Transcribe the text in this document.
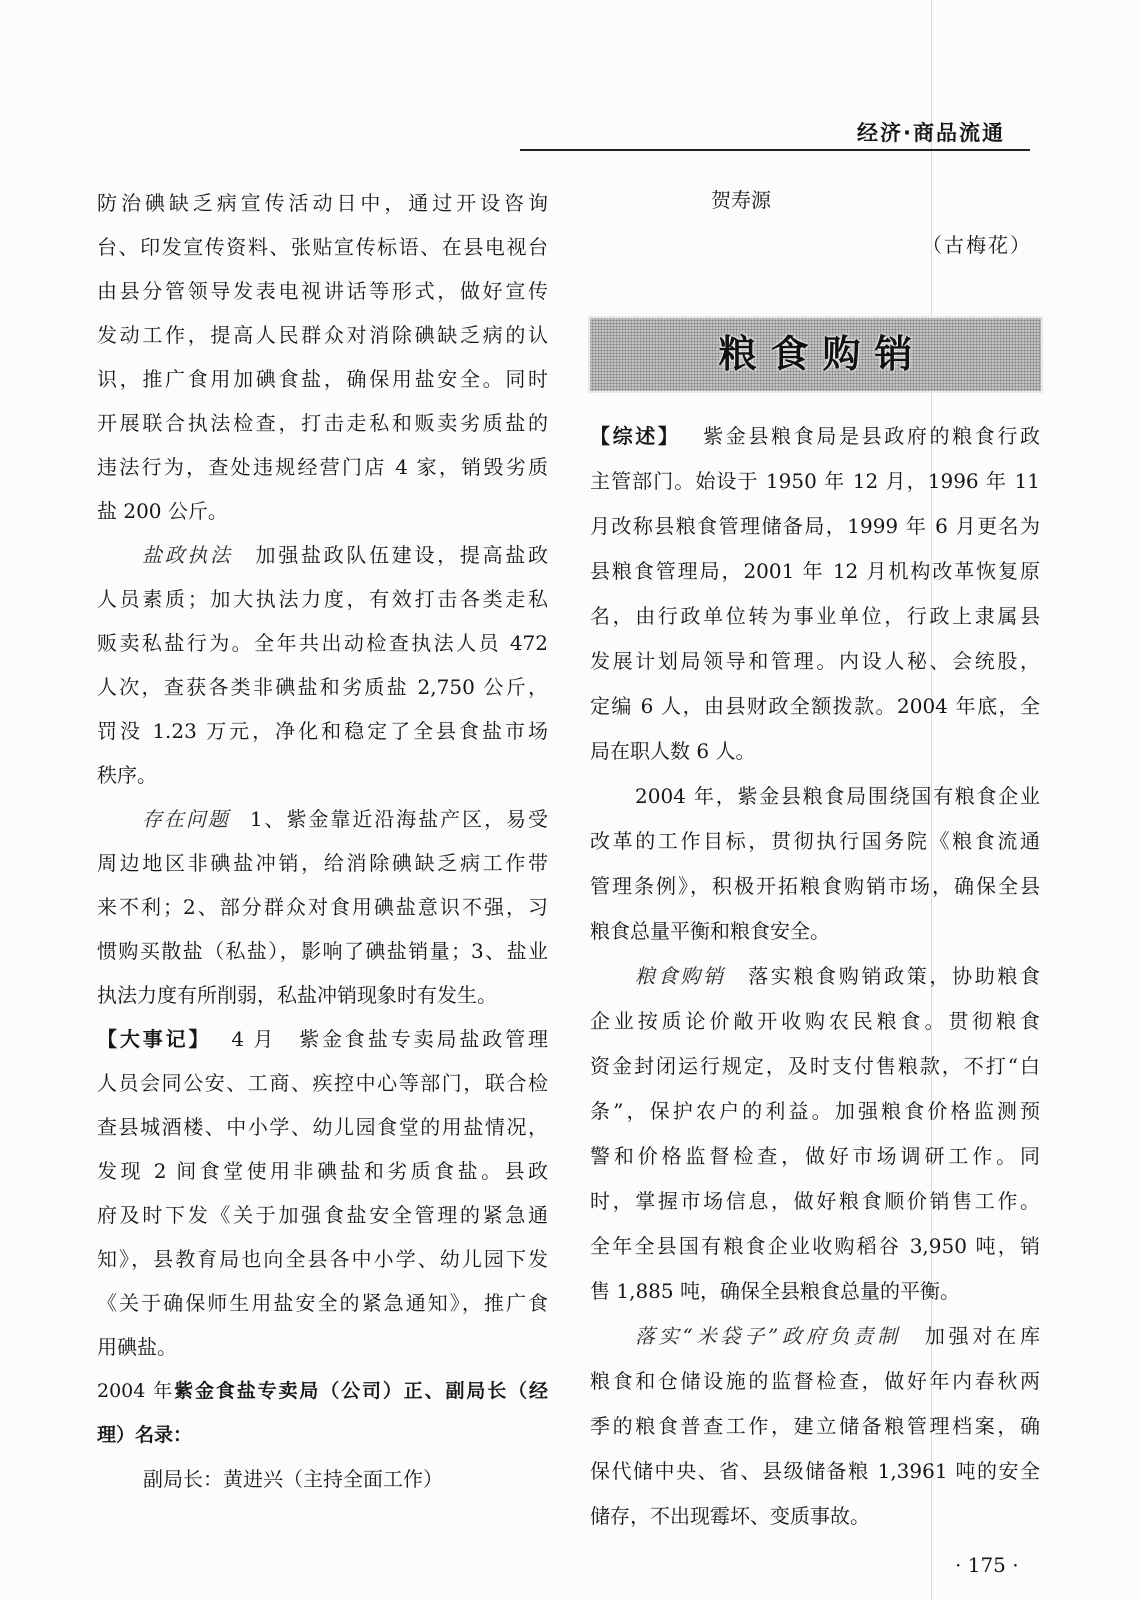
经济·商品流通
防治碘缺乏病宣传活动日中，通过开设咨询
台、印发宣传资料、张贴宣传标语、在县电视台
由县分管领导发表电视讲话等形式，做好宣传
发动工作，提高人民群众对消除碘缺乏病的认
识，推广食用加碘食盐，确保用盐安全。同时
开展联合执法检查，打击走私和贩卖劣质盐的
违法行为，查处违规经营门店 4 家，销毁劣质
盐 200 公斤。
盐政执法 加强盐政队伍建设，提高盐政
人员素质；加大执法力度，有效打击各类走私
贩卖私盐行为。全年共出动检查执法人员 472
人次，查获各类非碘盐和劣质盐 2,750 公斤，
罚没 1.23 万元，净化和稳定了全县食盐市场
秩序。
存在问题 1、紫金靠近沿海盐产区，易受
周边地区非碘盐冲销，给消除碘缺乏病工作带
来不利；2、部分群众对食用碘盐意识不强，习
惯购买散盐（私盐），影响了碘盐销量；3、盐业
执法力度有所削弱，私盐冲销现象时有发生。
【大事记】 4 月 紫金食盐专卖局盐政管理
人员会同公安、工商、疾控中心等部门，联合检
查县城酒楼、中小学、幼儿园食堂的用盐情况，
发现 2 间食堂使用非碘盐和劣质食盐。县政
府及时下发《关于加强食盐安全管理的紧急通
知》，县教育局也向全县各中小学、幼儿园下发
《关于确保师生用盐安全的紧急通知》，推广食
用碘盐。
2004 年紫金食盐专卖局（公司）正、副局长（经
理）名录：
副局长：黄进兴（主持全面工作）
贺寿源
（古梅花）
粮食购销
【综述】 紫金县粮食局是县政府的粮食行政
主管部门。始设于 1950 年 12 月，1996 年 11
月改称县粮食管理储备局，1999 年 6 月更名为
县粮食管理局，2001 年 12 月机构改革恢复原
名，由行政单位转为事业单位，行政上隶属县
发展计划局领导和管理。内设人秘、会统股，
定编 6 人，由县财政全额拨款。2004 年底，全
局在职人数 6 人。
2004 年，紫金县粮食局围绕国有粮食企业
改革的工作目标，贯彻执行国务院《粮食流通
管理条例》，积极开拓粮食购销市场，确保全县
粮食总量平衡和粮食安全。
粮食购销 落实粮食购销政策，协助粮食
企业按质论价敞开收购农民粮食。贯彻粮食
资金封闭运行规定，及时支付售粮款，不打“白
条”，保护农户的利益。加强粮食价格监测预
警和价格监督检查，做好市场调研工作。同
时，掌握市场信息，做好粮食顺价销售工作。
全年全县国有粮食企业收购稻谷 3,950 吨，销
售 1,885 吨，确保全县粮食总量的平衡。
落实“米袋子”政府负责制 加强对在库
粮食和仓储设施的监督检查，做好年内春秋两
季的粮食普查工作，建立储备粮管理档案，确
保代储中央、省、县级储备粮 1,3961 吨的安全
储存，不出现霉坏、变质事故。
· 175 ·
